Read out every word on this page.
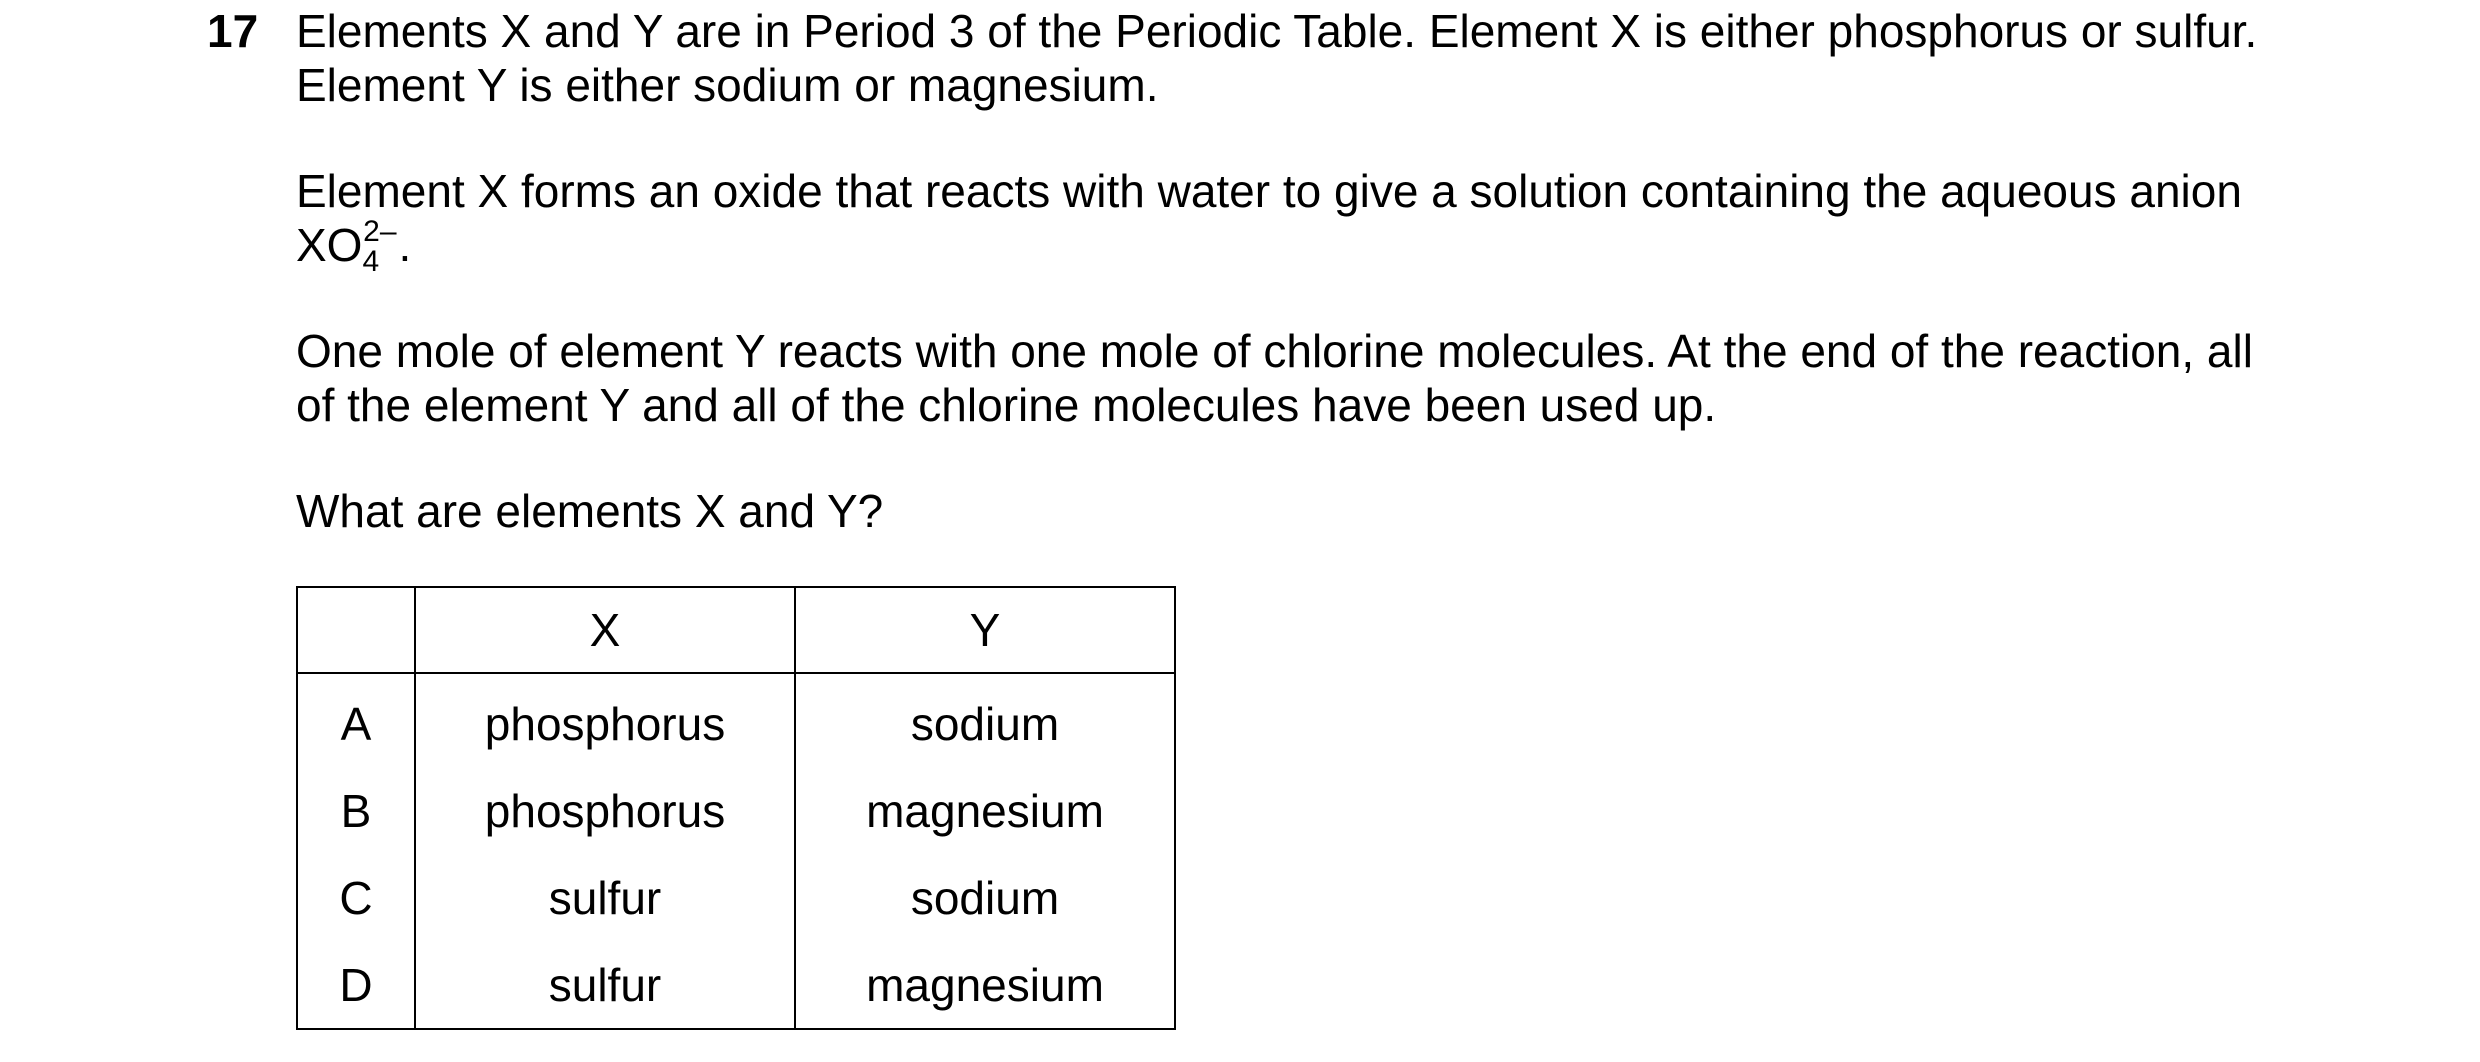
17 Elements X and Y are in Period 3 of the Periodic Table. Element X is either phosphorus or sulfur.
Element Y is either sodium or magnesium.
Element X forms an oxide that reacts with water to give a solution containing the aqueous anion
$XO_4^{2-}$.
One mole of element Y reacts with one mole of chlorine molecules. At the end of the reaction, all
of the element Y and all of the chlorine molecules have been used up.
What are elements X and Y?
	X	Y
A	phosphorus	sodium
B	phosphorus	magnesium
C	sulfur	sodium
D	sulfur	magnesium
